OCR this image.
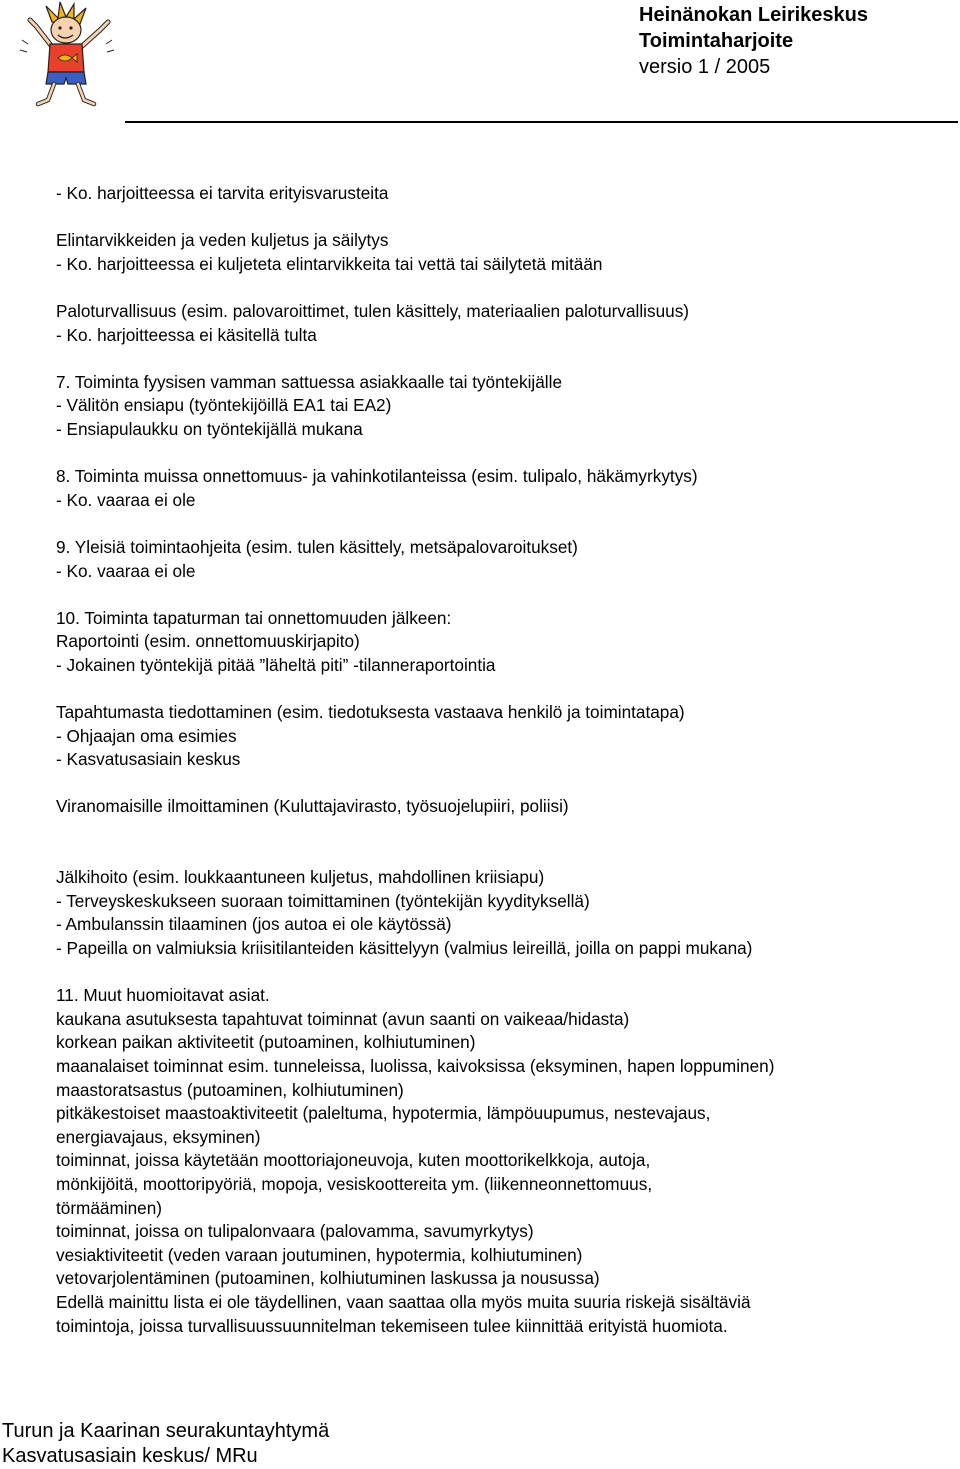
Heinänokan Leirikeskus
Toimintaharjoite
versio 1 / 2005
- Ko. harjoitteessa ei tarvita erityisvarusteita
Elintarvikkeiden ja veden kuljetus ja säilytys
- Ko. harjoitteessa ei kuljeteta elintarvikkeita tai vettä tai säilytetä mitään
Paloturvallisuus (esim. palovaroittimet, tulen käsittely, materiaalien paloturvallisuus)
- Ko. harjoitteessa ei käsitellä tulta
7. Toiminta fyysisen vamman sattuessa asiakkaalle tai työntekijälle
- Välitön ensiapu (työntekijöillä EA1 tai EA2)
- Ensiapulaukku on työntekijällä mukana
8. Toiminta muissa onnettomuus- ja vahinkotilanteissa (esim. tulipalo, häkämyrkytys)
- Ko. vaaraa ei ole
9. Yleisiä toimintaohjeita (esim. tulen käsittely, metsäpalovaroitukset)
- Ko. vaaraa ei ole
10. Toiminta tapaturman tai onnettomuuden jälkeen:
Raportointi (esim. onnettomuuskirjapito)
- Jokainen työntekijä pitää ”läheltä piti” -tilanneraportointia
Tapahtumasta tiedottaminen (esim. tiedotuksesta vastaava henkilö ja toimintatapa)
- Ohjaajan oma esimies
- Kasvatusasiain keskus
Viranomaisille ilmoittaminen (Kuluttajavirasto, työsuojelupiiri, poliisi)
Jälkihoito (esim. loukkaantuneen kuljetus, mahdollinen kriisiapu)
- Terveyskeskukseen suoraan toimittaminen (työntekijän kyydityksellä)
- Ambulanssin tilaaminen (jos autoa ei ole käytössä)
- Papeilla on valmiuksia kriisitilanteiden käsittelyyn (valmius leireillä, joilla on pappi mukana)
11. Muut huomioitavat asiat.
kaukana asutuksesta tapahtuvat toiminnat (avun saanti on vaikeaa/hidasta)
korkean paikan aktiviteetit (putoaminen, kolhiutuminen)
maanalaiset toiminnat esim. tunneleissa, luolissa, kaivoksissa (eksyminen, hapen loppuminen)
maastoratsastus (putoaminen, kolhiutuminen)
pitkäkestoiset maastoaktiviteetit (paleltuma, hypotermia, lämpöuupumus, nestevajaus,
energiavajaus, eksyminen)
toiminnat, joissa käytetään moottoriajoneuvoja, kuten moottorikelkkoja, autoja,
mönkijöitä, moottoripyöriä, mopoja, vesiskoottereita ym. (liikenneonnettomuus,
törmääminen)
toiminnat, joissa on tulipalonvaara (palovamma, savumyrkytys)
vesiaktiviteetit (veden varaan joutuminen, hypotermia, kolhiutuminen)
vetovarjolentäminen (putoaminen, kolhiutuminen laskussa ja nousussa)
Edellä mainittu lista ei ole täydellinen, vaan saattaa olla myös muita suuria riskejä sisältäviä
toimintoja, joissa turvallisuussuunnitelman tekemiseen tulee kiinnittää erityistä huomiota.
Turun ja Kaarinan seurakuntayhtymä
Kasvatusasiain keskus/ MRu
